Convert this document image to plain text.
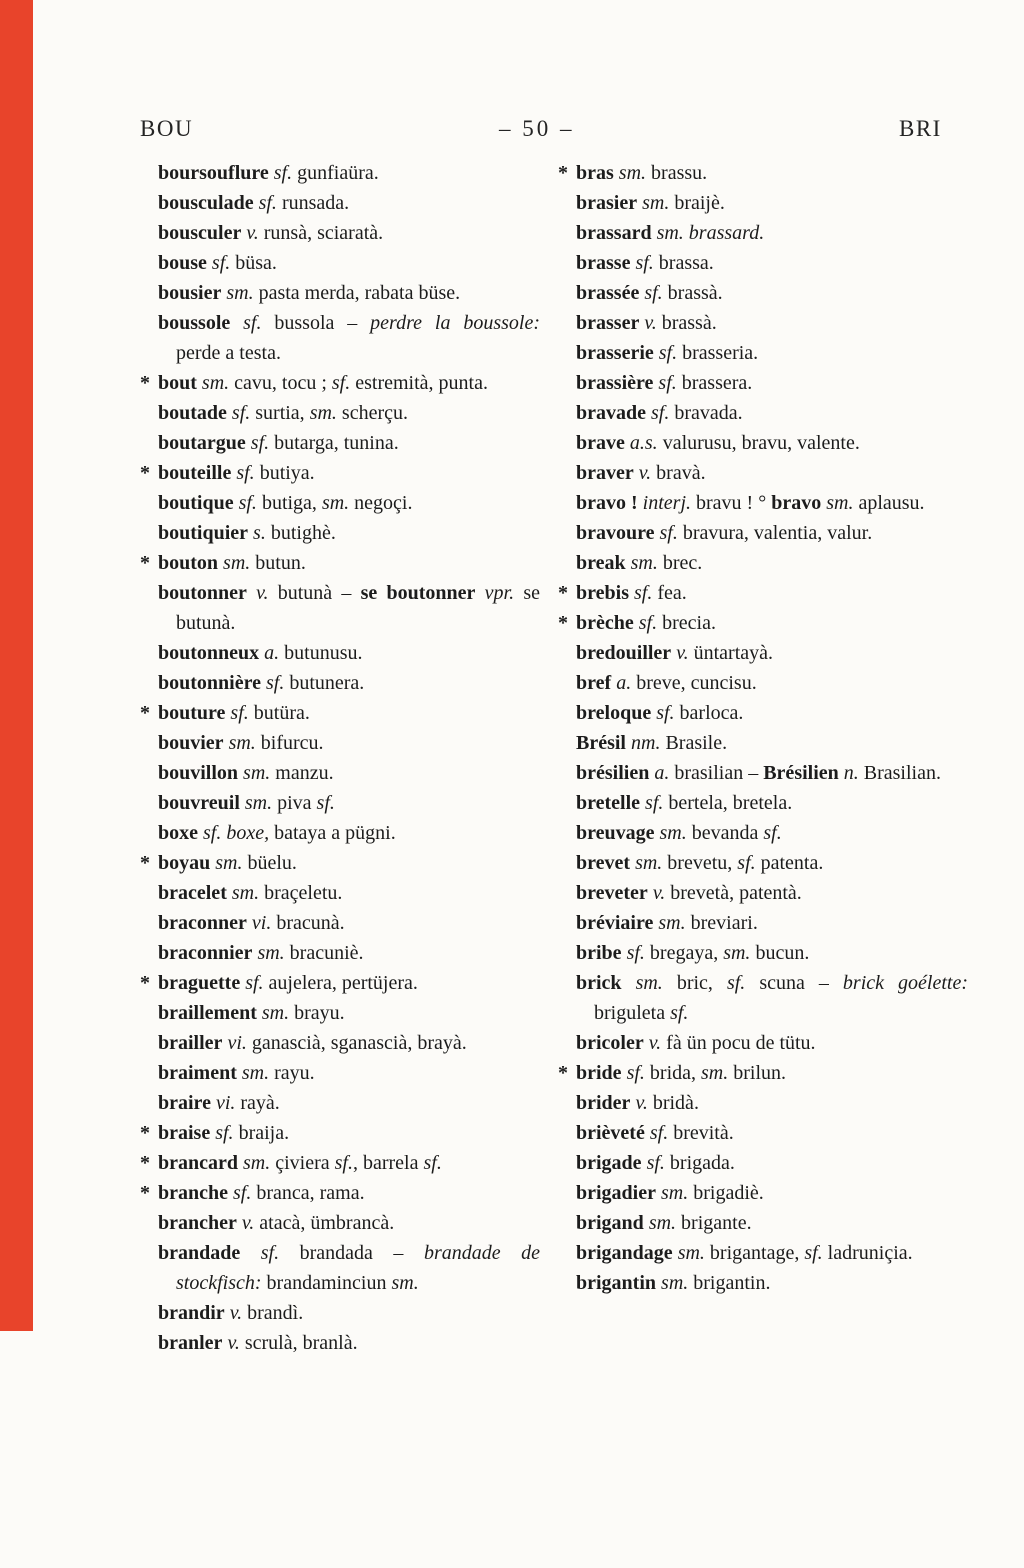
BOU	– 50 –	BRI
boursouflure sf. gunfiaüra.
bousculade sf. runsada.
bousculer v. runsà, sciaratà.
bouse sf. büsa.
bousier sm. pasta merda, rabata büse.
boussole sf. bussola – perdre la boussole: perde a testa.
* bout sm. cavu, tocu ; sf. estremità, punta.
boutade sf. surtia, sm. scherçu.
boutargue sf. butarga, tunina.
* bouteille sf. butiya.
boutique sf. butiga, sm. negoçi.
boutiquier s. butighè.
* bouton sm. butun.
boutonner v. butunà – se boutonner vpr. se butunà.
boutonneux a. butunusu.
boutonnière sf. butunera.
* bouture sf. butüra.
bouvier sm. bifurcu.
bouvillon sm. manzu.
bouvreuil sm. piva sf.
boxe sf. boxe, bataya a pügni.
* boyau sm. büelu.
bracelet sm. braçeletu.
braconner vi. bracunà.
braconnier sm. bracuniè.
* braguette sf. aujelera, pertüjera.
braillement sm. brayu.
brailler vi. ganascià, sganascià, brayà.
braiment sm. rayu.
braire vi. rayà.
* braise sf. braija.
* brancard sm. çiviera sf., barrela sf.
* branche sf. branca, rama.
brancher v. atacà, ümbrancà.
brandade sf. brandada – brandade de stockfisch: brandaminciun sm.
brandir v. brandì.
branler v. scrulà, branlà.
* bras sm. brassu.
brasier sm. braijè.
brassard sm. brassard.
brasse sf. brassa.
brassée sf. brassà.
brasser v. brassà.
brasserie sf. brasseria.
brassière sf. brassera.
bravade sf. bravada.
brave a.s. valurusu, bravu, valente.
braver v. bravà.
bravo ! interj. bravu ! ° bravo sm. aplausu.
bravoure sf. bravura, valentia, valur.
break sm. brec.
* brebis sf. fea.
* brèche sf. brecia.
bredouiller v. üntartayà.
bref a. breve, cuncisu.
breloque sf. barloca.
Brésil nm. Brasile.
brésilien a. brasilian – Brésilien n. Brasilian.
bretelle sf. bertela, bretela.
breuvage sm. bevanda sf.
brevet sm. brevetu, sf. patenta.
breveter v. brevetà, patentà.
bréviaire sm. breviari.
bribe sf. bregaya, sm. bucun.
brick sm. bric, sf. scuna – brick goélette: briguleta sf.
bricoler v. fà ün pocu de tütu.
* bride sf. brida, sm. brilun.
brider v. bridà.
brièveté sf. brevità.
brigade sf. brigada.
brigadier sm. brigadiè.
brigand sm. brigante.
brigandage sm. brigantage, sf. ladruniçia.
brigantin sm. brigantin.
